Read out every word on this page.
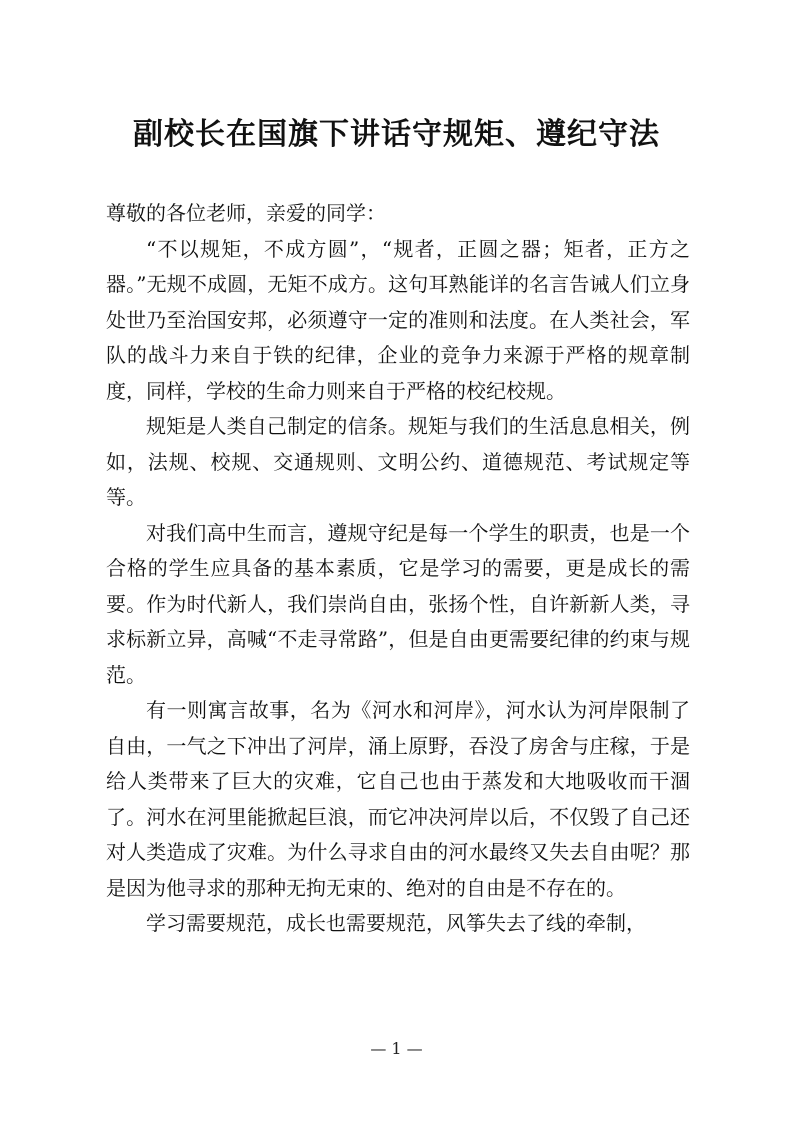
副校长在国旗下讲话守规矩、遵纪守法

尊敬的各位老师，亲爱的同学：

“不以规矩，不成方圆”，“规者，正圆之器；矩者，正方之器。”无规不成圆，无矩不成方。这句耳熟能详的名言告诫人们立身处世乃至治国安邦，必须遵守一定的准则和法度。在人类社会，军队的战斗力来自于铁的纪律，企业的竞争力来源于严格的规章制度，同样，学校的生命力则来自于严格的校纪校规。

规矩是人类自己制定的信条。规矩与我们的生活息息相关，例如，法规、校规、交通规则、文明公约、道德规范、考试规定等等。

对我们高中生而言，遵规守纪是每一个学生的职责，也是一个合格的学生应具备的基本素质，它是学习的需要，更是成长的需要。作为时代新人，我们崇尚自由，张扬个性，自许新新人类，寻求标新立异，高喊“不走寻常路”，但是自由更需要纪律的约束与规范。

有一则寓言故事，名为《河水和河岸》，河水认为河岸限制了自由，一气之下冲出了河岸，涌上原野，吞没了房舍与庄稼，于是给人类带来了巨大的灾难，它自己也由于蒸发和大地吸收而干涸了。河水在河里能掀起巨浪，而它冲决河岸以后，不仅毁了自己还对人类造成了灾难。为什么寻求自由的河水最终又失去自由呢？那是因为他寻求的那种无拘无束的、绝对的自由是不存在的。

学习需要规范，成长也需要规范，风筝失去了线的牵制，

— 1 —
